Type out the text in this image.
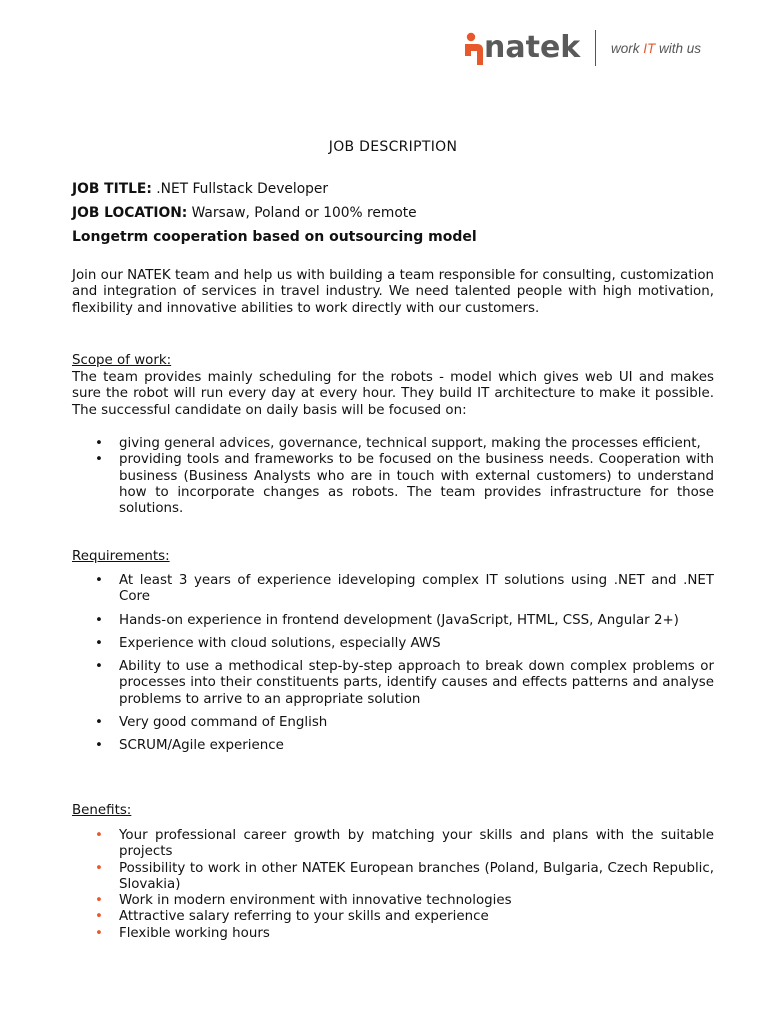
natek work IT with us
JOB DESCRIPTION
JOB TITLE: .NET Fullstack Developer
JOB LOCATION: Warsaw, Poland or 100% remote
Longetrm cooperation based on outsourcing model

Join our NATEK team and help us with building a team responsible for consulting, customization and integration of services in travel industry. We need talented people with high motivation, flexibility and innovative abilities to work directly with our customers.

Scope of work:

The team provides mainly scheduling for the robots - model which gives web UI and makes sure the robot will run every day at every hour. They build IT architecture to make it possible. The successful candidate on daily basis will be focused on:

• giving general advices, governance, technical support, making the processes efficient,
• providing tools and frameworks to be focused on the business needs. Cooperation with business (Business Analysts who are in touch with external customers) to understand how to incorporate changes as robots. The team provides infrastructure for those solutions.

Requirements:

• At least 3 years of experience ideveloping complex IT solutions using .NET and .NET Core
• Hands-on experience in frontend development (JavaScript, HTML, CSS, Angular 2+)
• Experience with cloud solutions, especially AWS
• Ability to use a methodical step-by-step approach to break down complex problems or processes into their constituents parts, identify causes and effects patterns and analyse problems to arrive to an appropriate solution
• Very good command of English
• SCRUM/Agile experience

Benefits:

• Your professional career growth by matching your skills and plans with the suitable projects
• Possibility to work in other NATEK European branches (Poland, Bulgaria, Czech Republic, Slovakia)
• Work in modern environment with innovative technologies
• Attractive salary referring to your skills and experience
• Flexible working hours
